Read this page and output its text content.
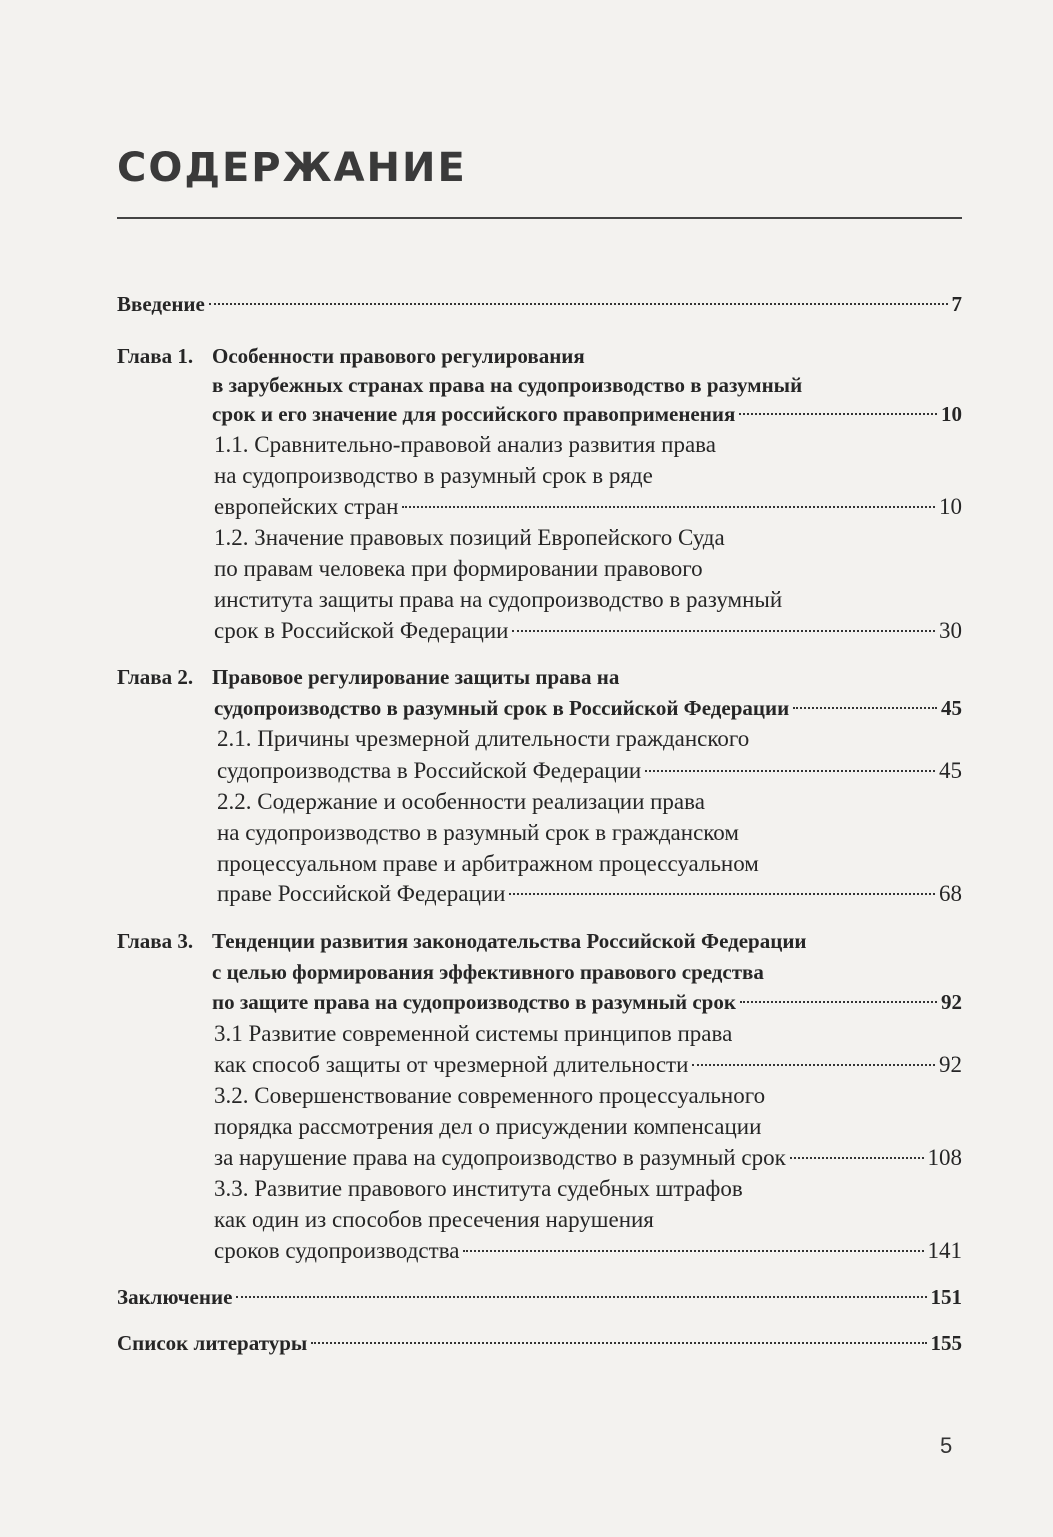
СОДЕРЖАНИЕ
Введение	7
Глава 1. Особенности правового регулирования
в зарубежных странах права на судопроизводство в разумный
срок и его значение для российского правоприменения	10
1.1. Сравнительно-правовой анализ развития права
на судопроизводство в разумный срок в ряде
европейских стран	10
1.2. Значение правовых позиций Европейского Суда
по правам человека при формировании правового
института защиты права на судопроизводство в разумный
срок в Российской Федерации	30
Глава 2. Правовое регулирование защиты права на
судопроизводство в разумный срок в Российской Федерации	45
2.1. Причины чрезмерной длительности гражданского
судопроизводства в Российской Федерации	45
2.2. Содержание и особенности реализации права
на судопроизводство в разумный срок в гражданском
процессуальном праве и арбитражном процессуальном
праве Российской Федерации	68
Глава 3. Тенденции развития законодательства Российской Федерации
с целью формирования эффективного правового средства
по защите права на судопроизводство в разумный срок	92
3.1 Развитие современной системы принципов права
как способ защиты от чрезмерной длительности	92
3.2. Совершенствование современного процессуального
порядка рассмотрения дел о присуждении компенсации
за нарушение права на судопроизводство в разумный срок	108
3.3. Развитие правового института судебных штрафов
как один из способов пресечения нарушения
сроков судопроизводства	141
Заключение	151
Список литературы	155
5
